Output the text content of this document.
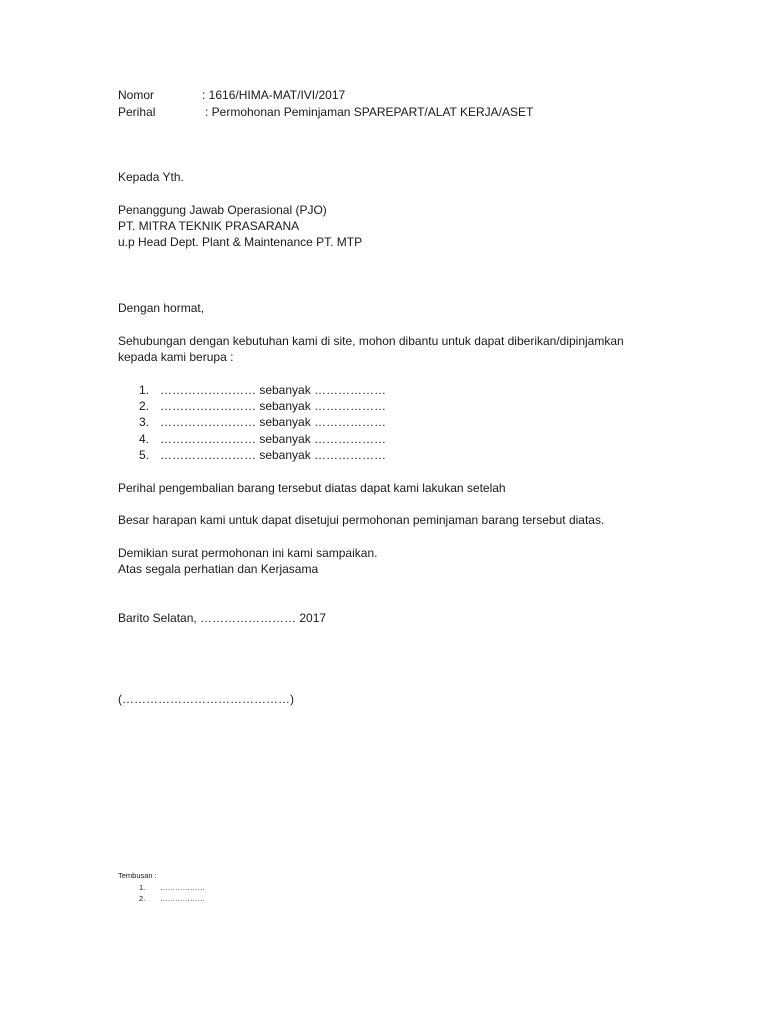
Nomor	: 1616/HIMA-MAT/IVI/2017
Perihal	: Permohonan Peminjaman SPAREPART/ALAT KERJA/ASET
Kepada Yth.
Penanggung Jawab Operasional (PJO)
PT. MITRA TEKNIK PRASARANA
u.p Head Dept. Plant & Maintenance PT. MTP
Dengan hormat,
Sehubungan dengan kebutuhan kami di site, mohon dibantu untuk dapat diberikan/dipinjamkan
kepada kami berupa :
1. …………………… sebanyak ………………
2. …………………… sebanyak ………………
3. …………………… sebanyak ………………
4. …………………… sebanyak ………………
5. …………………… sebanyak ………………
Perihal pengembalian barang tersebut diatas dapat kami lakukan setelah
Besar harapan kami untuk dapat disetujui permohonan peminjaman barang tersebut diatas.
Demikian surat permohonan ini kami sampaikan.
Atas segala perhatian dan Kerjasama
Barito Selatan, …………………… 2017
(……………………………………)
Tembusan :
1. ………………
2. ………………
